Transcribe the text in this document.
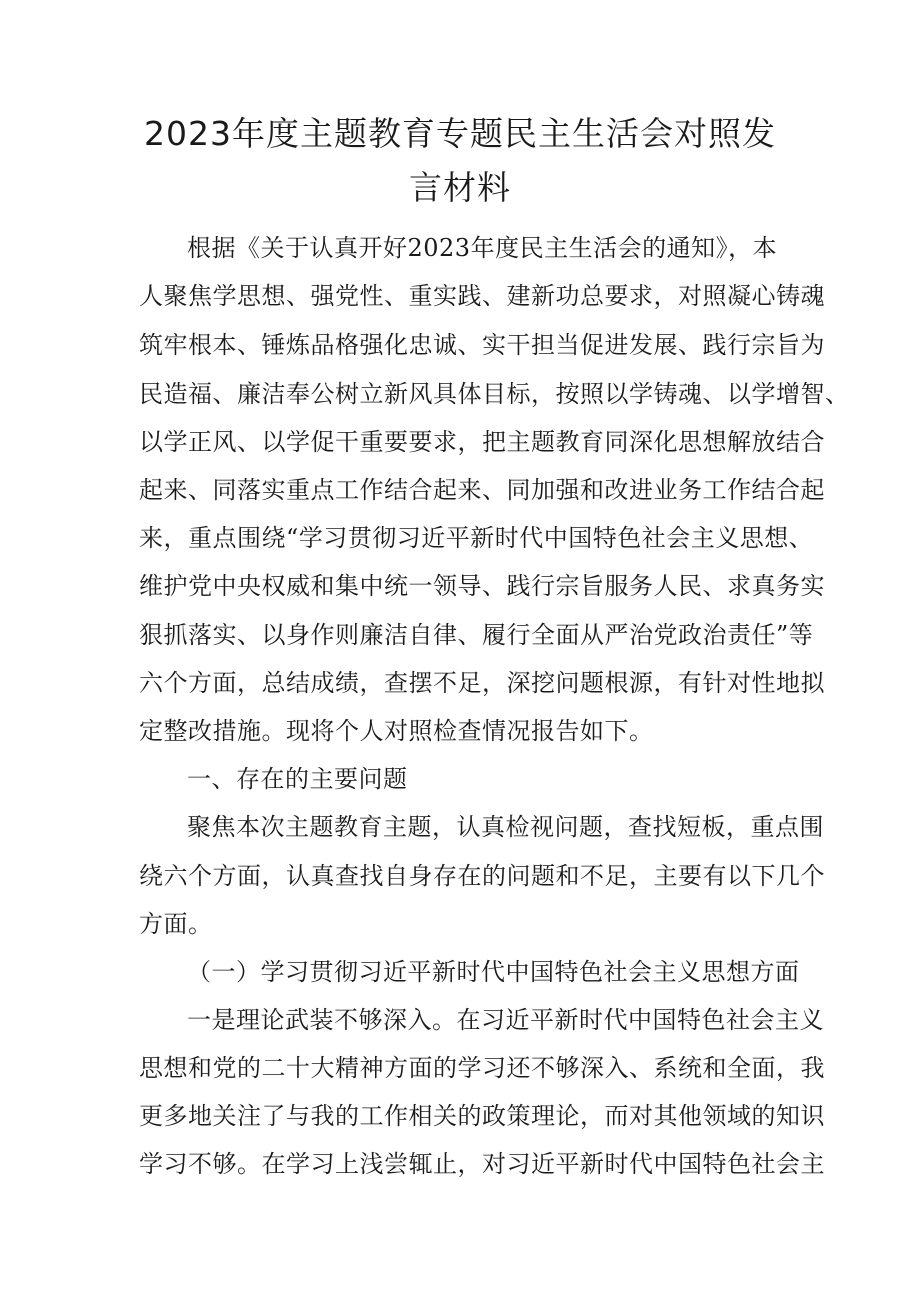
2023年度主题教育专题民主生活会对照发
言材料
根据《关于认真开好2023年度民主生活会的通知》，本
人聚焦学思想、强党性、重实践、建新功总要求，对照凝心铸魂
筑牢根本、锤炼品格强化忠诚、实干担当促进发展、践行宗旨为
民造福、廉洁奉公树立新风具体目标，按照以学铸魂、以学增智、
以学正风、以学促干重要要求，把主题教育同深化思想解放结合
起来、同落实重点工作结合起来、同加强和改进业务工作结合起
来，重点围绕“学习贯彻习近平新时代中国特色社会主义思想、
维护党中央权威和集中统一领导、践行宗旨服务人民、求真务实
狠抓落实、以身作则廉洁自律、履行全面从严治党政治责任”等
六个方面，总结成绩，查摆不足，深挖问题根源，有针对性地拟
定整改措施。现将个人对照检查情况报告如下。
一、存在的主要问题
聚焦本次主题教育主题，认真检视问题，查找短板，重点围
绕六个方面，认真查找自身存在的问题和不足，主要有以下几个
方面。
（一）学习贯彻习近平新时代中国特色社会主义思想方面
一是理论武装不够深入。在习近平新时代中国特色社会主义
思想和党的二十大精神方面的学习还不够深入、系统和全面，我
更多地关注了与我的工作相关的政策理论，而对其他领域的知识
学习不够。在学习上浅尝辄止，对习近平新时代中国特色社会主
